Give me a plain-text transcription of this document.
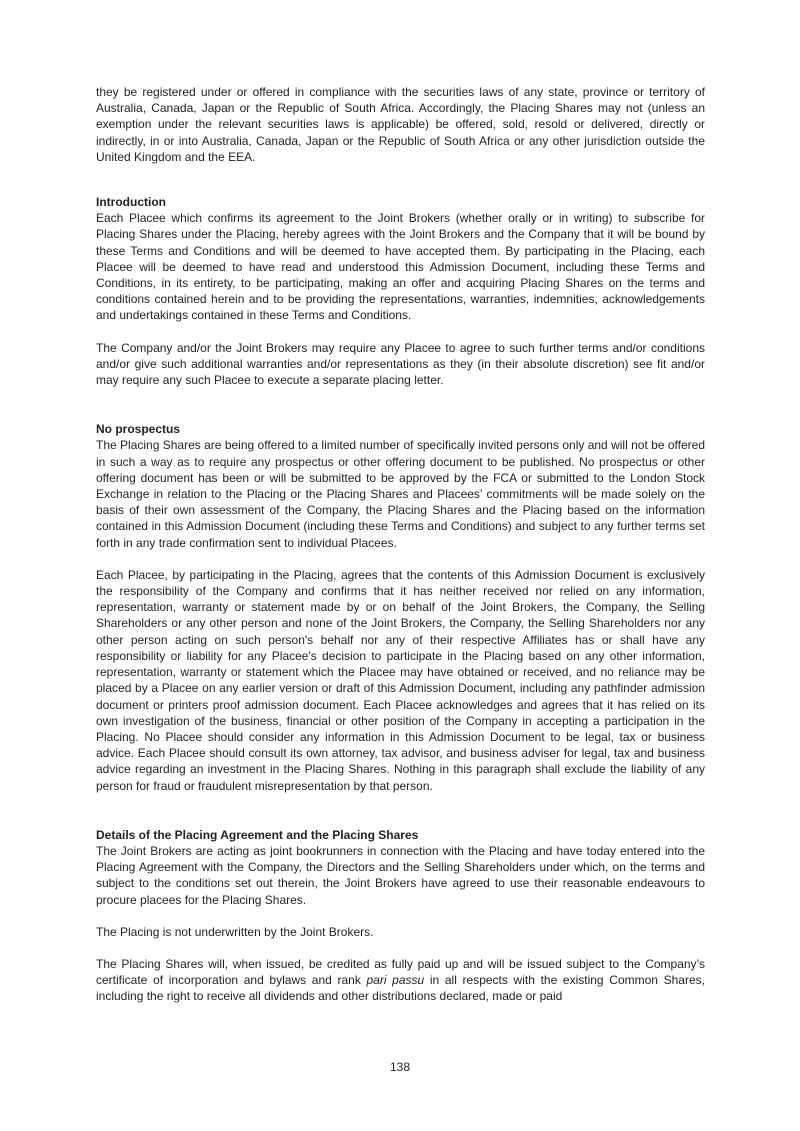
they be registered under or offered in compliance with the securities laws of any state, province or territory of Australia, Canada, Japan or the Republic of South Africa. Accordingly, the Placing Shares may not (unless an exemption under the relevant securities laws is applicable) be offered, sold, resold or delivered, directly or indirectly, in or into Australia, Canada, Japan or the Republic of South Africa or any other jurisdiction outside the United Kingdom and the EEA.

Introduction

Each Placee which confirms its agreement to the Joint Brokers (whether orally or in writing) to subscribe for Placing Shares under the Placing, hereby agrees with the Joint Brokers and the Company that it will be bound by these Terms and Conditions and will be deemed to have accepted them. By participating in the Placing, each Placee will be deemed to have read and understood this Admission Document, including these Terms and Conditions, in its entirety, to be participating, making an offer and acquiring Placing Shares on the terms and conditions contained herein and to be providing the representations, warranties, indemnities, acknowledgements and undertakings contained in these Terms and Conditions.

The Company and/or the Joint Brokers may require any Placee to agree to such further terms and/or conditions and/or give such additional warranties and/or representations as they (in their absolute discretion) see fit and/or may require any such Placee to execute a separate placing letter.

No prospectus

The Placing Shares are being offered to a limited number of specifically invited persons only and will not be offered in such a way as to require any prospectus or other offering document to be published. No prospectus or other offering document has been or will be submitted to be approved by the FCA or submitted to the London Stock Exchange in relation to the Placing or the Placing Shares and Placees’ commitments will be made solely on the basis of their own assessment of the Company, the Placing Shares and the Placing based on the information contained in this Admission Document (including these Terms and Conditions) and subject to any further terms set forth in any trade confirmation sent to individual Placees.

Each Placee, by participating in the Placing, agrees that the contents of this Admission Document is exclusively the responsibility of the Company and confirms that it has neither received nor relied on any information, representation, warranty or statement made by or on behalf of the Joint Brokers, the Company, the Selling Shareholders or any other person and none of the Joint Brokers, the Company, the Selling Shareholders nor any other person acting on such person's behalf nor any of their respective Affiliates has or shall have any responsibility or liability for any Placee's decision to participate in the Placing based on any other information, representation, warranty or statement which the Placee may have obtained or received, and no reliance may be placed by a Placee on any earlier version or draft of this Admission Document, including any pathfinder admission document or printers proof admission document. Each Placee acknowledges and agrees that it has relied on its own investigation of the business, financial or other position of the Company in accepting a participation in the Placing. No Placee should consider any information in this Admission Document to be legal, tax or business advice. Each Placee should consult its own attorney, tax advisor, and business adviser for legal, tax and business advice regarding an investment in the Placing Shares. Nothing in this paragraph shall exclude the liability of any person for fraud or fraudulent misrepresentation by that person.

Details of the Placing Agreement and the Placing Shares

The Joint Brokers are acting as joint bookrunners in connection with the Placing and have today entered into the Placing Agreement with the Company, the Directors and the Selling Shareholders under which, on the terms and subject to the conditions set out therein, the Joint Brokers have agreed to use their reasonable endeavours to procure placees for the Placing Shares.

The Placing is not underwritten by the Joint Brokers.

The Placing Shares will, when issued, be credited as fully paid up and will be issued subject to the Company’s certificate of incorporation and bylaws and rank pari passu in all respects with the existing Common Shares, including the right to receive all dividends and other distributions declared, made or paid

138
